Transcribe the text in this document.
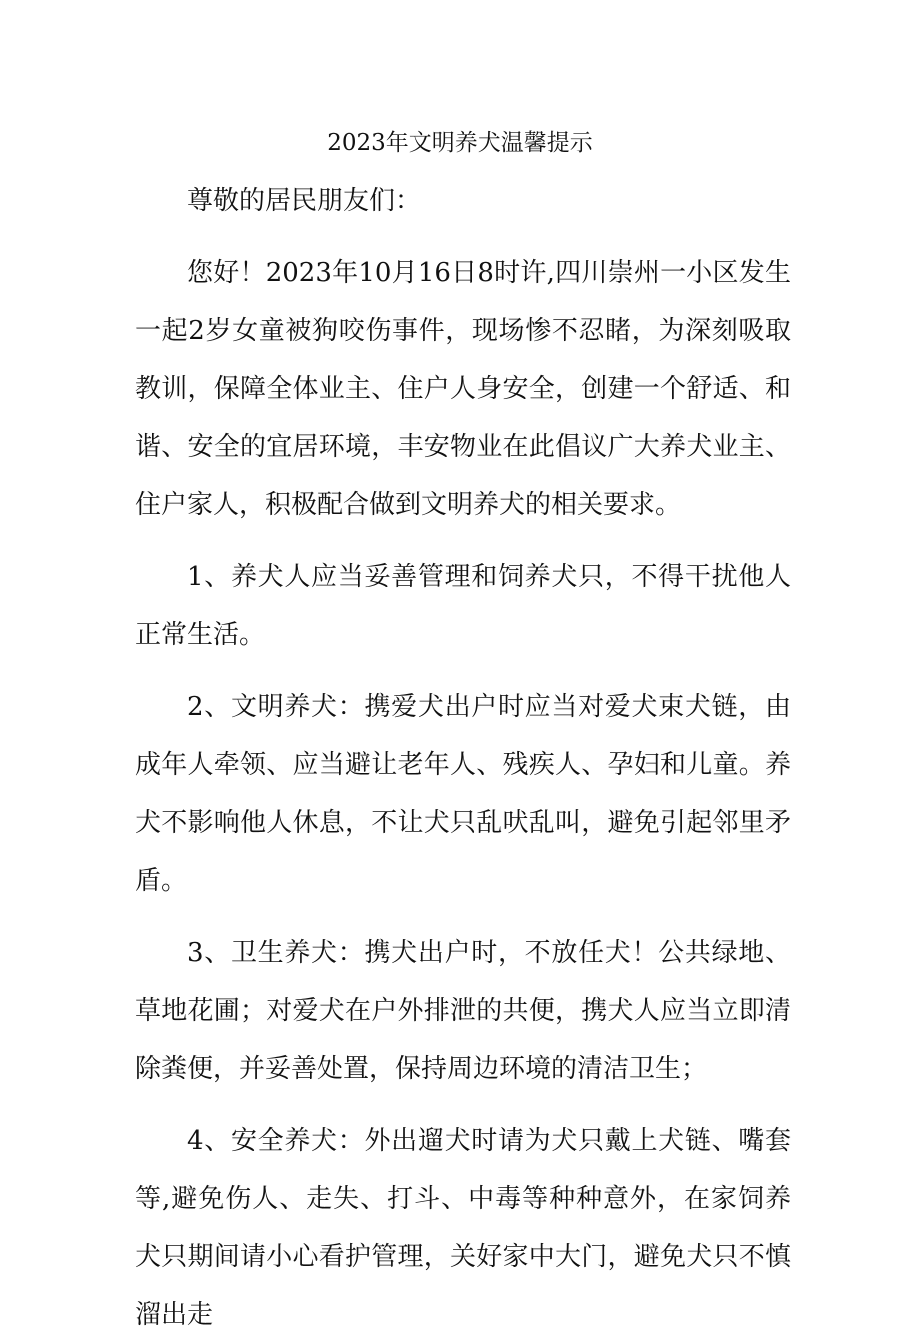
2023年文明养犬温馨提示

尊敬的居民朋友们：

您好！2023年10月16日8时许,四川崇州一小区发生一起2岁女童被狗咬伤事件，现场惨不忍睹，为深刻吸取教训，保障全体业主、住户人身安全，创建一个舒适、和谐、安全的宜居环境，丰安物业在此倡议广大养犬业主、住户家人，积极配合做到文明养犬的相关要求。

1、养犬人应当妥善管理和饲养犬只，不得干扰他人正常生活。

2、文明养犬：携爱犬出户时应当对爱犬束犬链，由成年人牵领、应当避让老年人、残疾人、孕妇和儿童。养犬不影响他人休息，不让犬只乱吠乱叫，避免引起邻里矛盾。

3、卫生养犬：携犬出户时，不放任犬！公共绿地、草地花圃；对爱犬在户外排泄的共便，携犬人应当立即清除粪便，并妥善处置，保持周边环境的清洁卫生；

4、安全养犬：外出遛犬时请为犬只戴上犬链、嘴套等,避免伤人、走失、打斗、中毒等种种意外，在家饲养犬只期间请小心看护管理，关好家中大门，避免犬只不慎溜出走
